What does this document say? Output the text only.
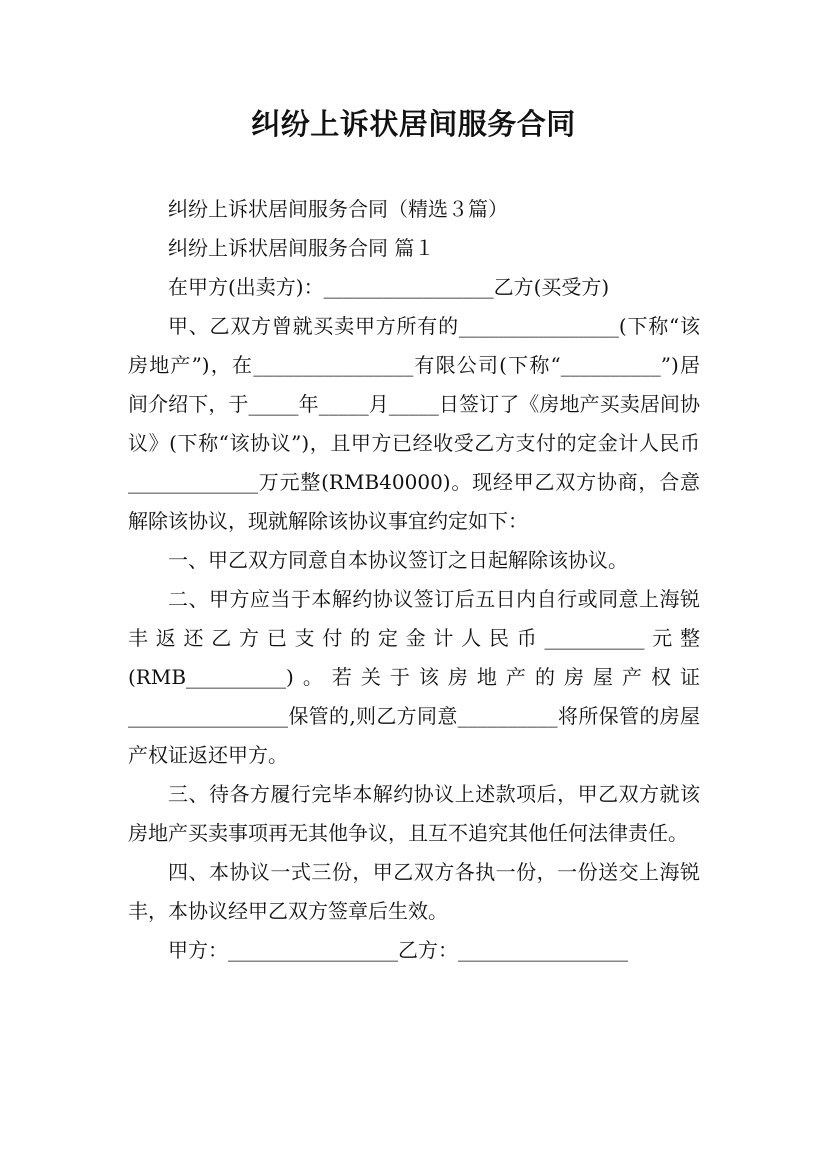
纠纷上诉状居间服务合同

纠纷上诉状居间服务合同（精选３篇）

纠纷上诉状居间服务合同 篇１

在甲方(出卖方)：_________________乙方(买受方)

甲、乙双方曾就买卖甲方所有的________________(下称“该房地产”)，在________________有限公司(下称“__________”)居间介绍下，于_____年_____月_____日签订了《房地产买卖居间协议》(下称“该协议”)，且甲方已经收受乙方支付的定金计人民币_____________万元整(RMB40000)。现经甲乙双方协商，合意解除该协议，现就解除该协议事宜约定如下：

一、甲乙双方同意自本协议签订之日起解除该协议。

二、甲方应当于本解约协议签订后五日内自行或同意上海锐丰返还乙方已支付的定金计人民币__________元整(RMB__________)。若关于该房地产的房屋产权证________________保管的,则乙方同意__________将所保管的房屋产权证返还甲方。

三、待各方履行完毕本解约协议上述款项后，甲乙双方就该房地产买卖事项再无其他争议，且互不追究其他任何法律责任。

四、本协议一式三份，甲乙双方各执一份，一份送交上海锐丰，本协议经甲乙双方签章后生效。

甲方：_________________乙方：_________________
